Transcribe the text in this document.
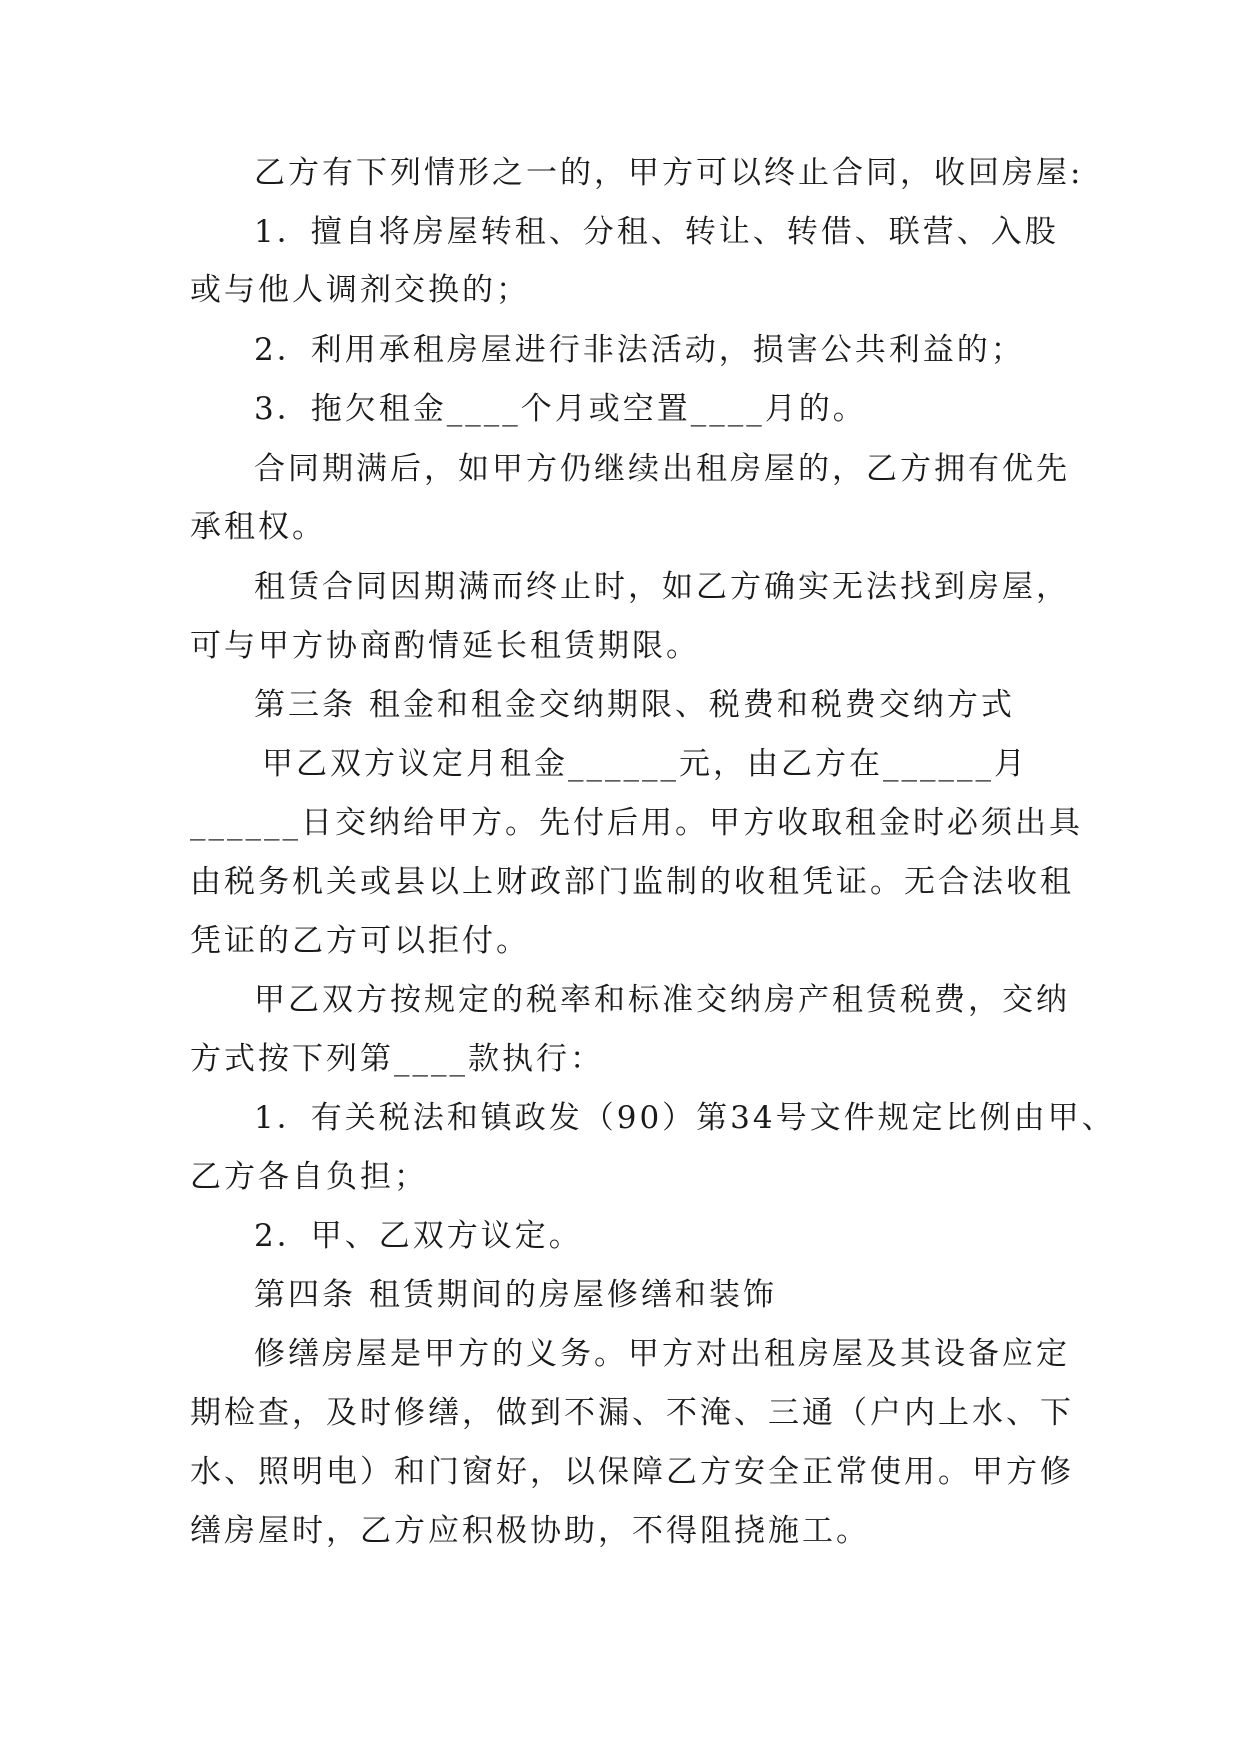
乙方有下列情形之一的，甲方可以终止合同，收回房屋:
1．擅自将房屋转租、分租、转让、转借、联营、入股
或与他人调剂交换的；
2．利用承租房屋进行非法活动，损害公共利益的；
3．拖欠租金____个月或空置____月的。
合同期满后，如甲方仍继续出租房屋的，乙方拥有优先
承租权。
租赁合同因期满而终止时，如乙方确实无法找到房屋，
可与甲方协商酌情延长租赁期限。
第三条 租金和租金交纳期限、税费和税费交纳方式
甲乙双方议定月租金______元，由乙方在______月
______日交纳给甲方。先付后用。甲方收取租金时必须出具
由税务机关或县以上财政部门监制的收租凭证。无合法收租
凭证的乙方可以拒付。
甲乙双方按规定的税率和标准交纳房产租赁税费，交纳
方式按下列第____款执行：
1．有关税法和镇政发（90）第34号文件规定比例由甲、
乙方各自负担；
2．甲、乙双方议定。
第四条 租赁期间的房屋修缮和装饰
修缮房屋是甲方的义务。甲方对出租房屋及其设备应定
期检查，及时修缮，做到不漏、不淹、三通（户内上水、下
水、照明电）和门窗好，以保障乙方安全正常使用。甲方修
缮房屋时，乙方应积极协助，不得阻挠施工。
